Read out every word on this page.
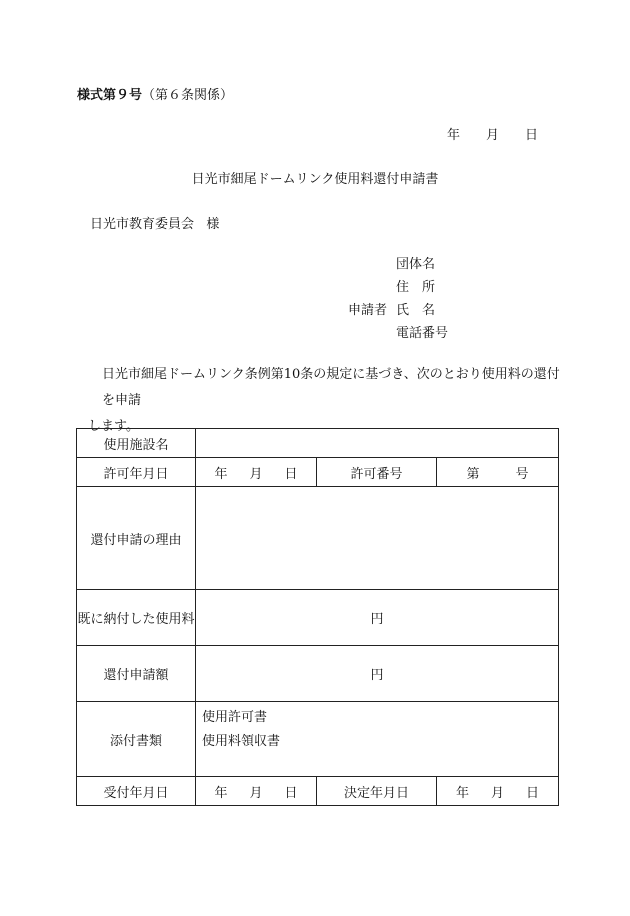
様式第９号（第６条関係）
年 月 日
日光市細尾ドームリンク使用料還付申請書
日光市教育委員会 様
団体名
住　所
申請者 氏　名
電話番号
日光市細尾ドームリンク条例第10条の規定に基づき、次のとおり使用料の還付を申請
します。
使用施設名			
許可年月日	年 月 日	許可番号	第 号
還付申請の理由			
既に納付した使用料	円		
還付申請額	円		
添付書類	使用許可書
使用料領収書		

受付年月日	年 月 日	決定年月日	年 月 日
